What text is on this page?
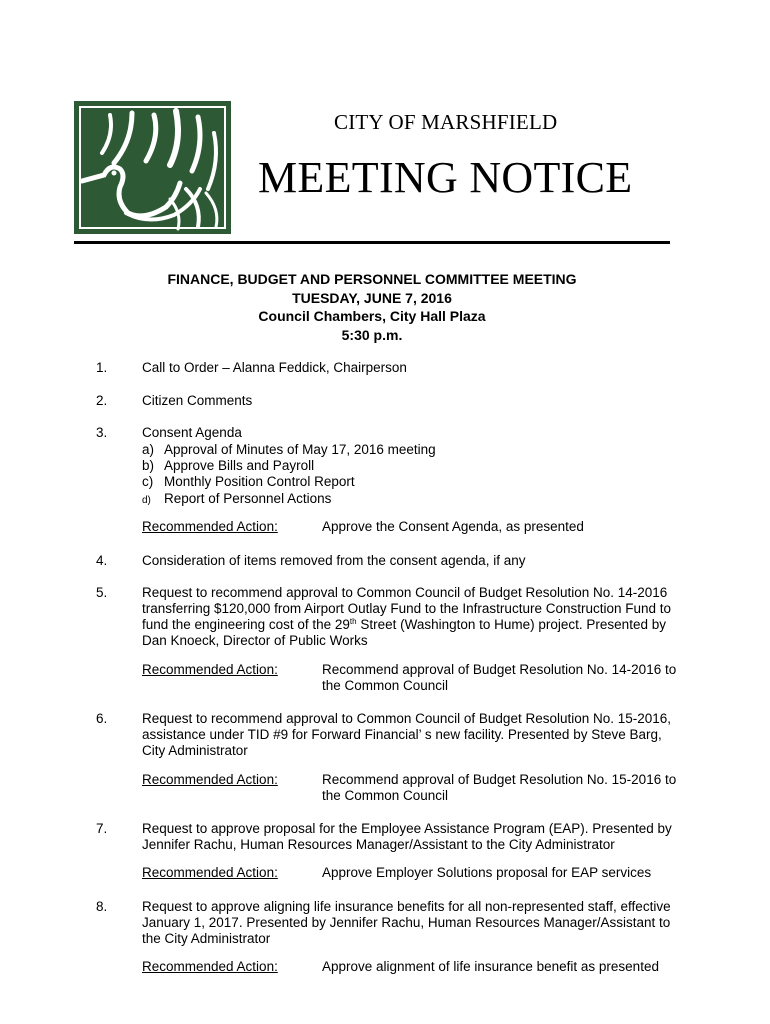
CITY OF MARSHFIELD
MEETING NOTICE
FINANCE, BUDGET AND PERSONNEL COMMITTEE MEETING
TUESDAY, JUNE 7, 2016
Council Chambers, City Hall Plaza
5:30 p.m.
1.	Call to Order – Alanna Feddick, Chairperson
2.	Citizen Comments
3.	Consent Agenda
a) Approval of Minutes of May 17, 2016 meeting
b) Approve Bills and Payroll
c) Monthly Position Control Report
d) Report of Personnel Actions
Recommended Action:	Approve the Consent Agenda, as presented
4.	Consideration of items removed from the consent agenda, if any
5.	Request to recommend approval to Common Council of Budget Resolution No. 14-2016
transferring $120,000 from Airport Outlay Fund to the Infrastructure Construction Fund to
fund the engineering cost of the 29th Street (Washington to Hume) project. Presented by
Dan Knoeck, Director of Public Works
Recommended Action:	Recommend approval of Budget Resolution No. 14-2016 to
the Common Council
6.	Request to recommend approval to Common Council of Budget Resolution No. 15-2016,
assistance under TID #9 for Forward Financial’ s new facility. Presented by Steve Barg,
City Administrator
Recommended Action:	Recommend approval of Budget Resolution No. 15-2016 to
the Common Council
7.	Request to approve proposal for the Employee Assistance Program (EAP). Presented by
Jennifer Rachu, Human Resources Manager/Assistant to the City Administrator
Recommended Action:	Approve Employer Solutions proposal for EAP services
8.	Request to approve aligning life insurance benefits for all non-represented staff, effective
January 1, 2017. Presented by Jennifer Rachu, Human Resources Manager/Assistant to
the City Administrator
Recommended Action:	Approve alignment of life insurance benefit as presented
